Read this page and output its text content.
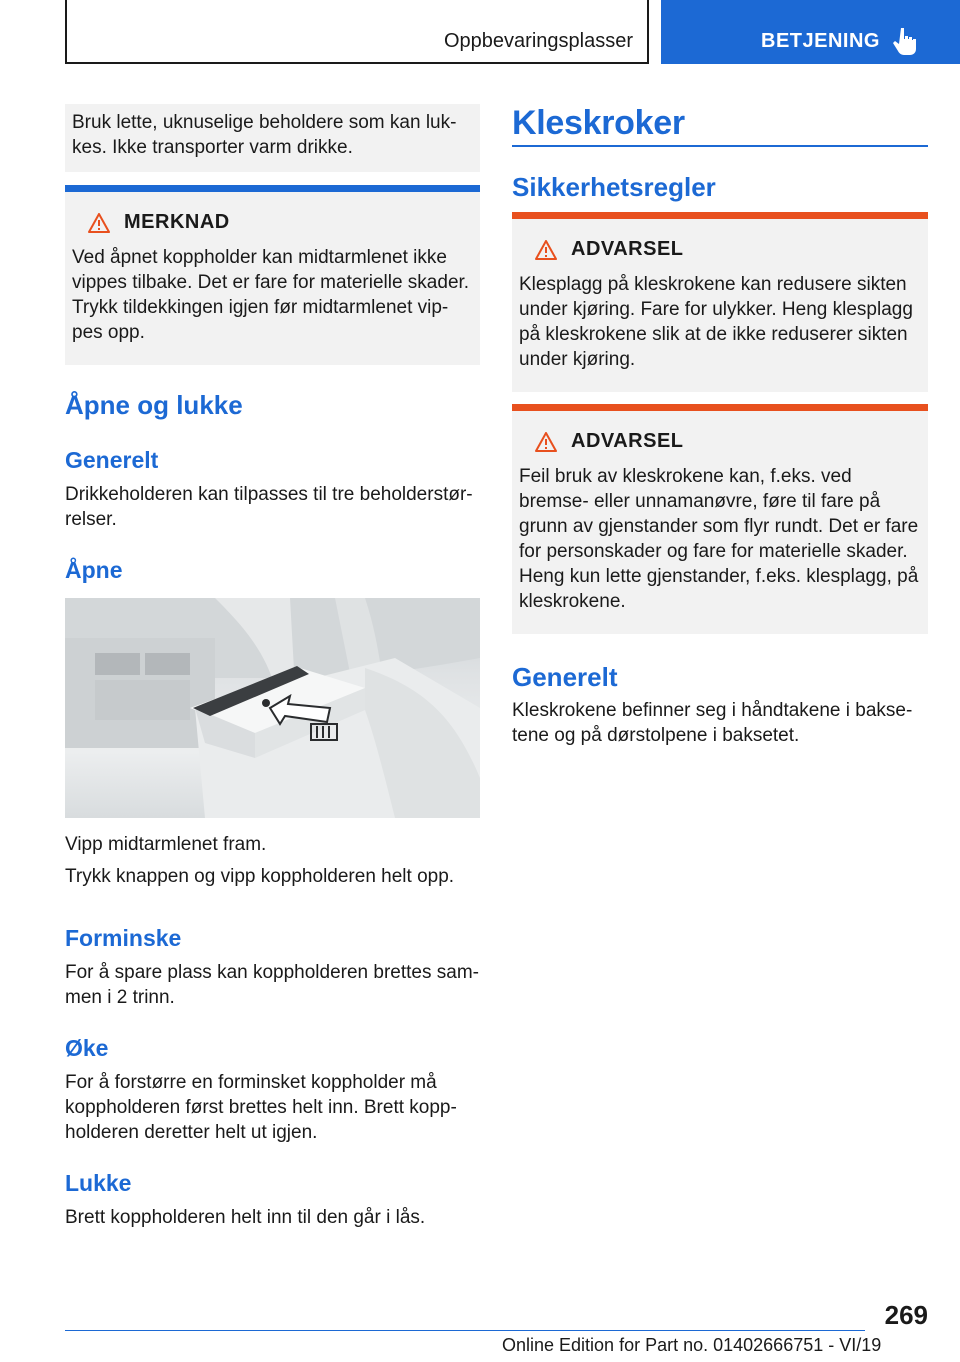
Oppbevaringsplasser	BETJENING
Bruk lette, uknuselige beholdere som kan luk-
kes. Ikke transporter varm drikke.
MERKNAD
Ved åpnet koppholder kan midtarmlenet ikke
vippes tilbake. Det er fare for materielle skader.
Trykk tildekkingen igjen før midtarmlenet vip-
pes opp.
Åpne og lukke
Generelt
Drikkeholderen kan tilpasses til tre beholderstør-
relser.
Åpne
Vipp midtarmlenet fram.
Trykk knappen og vipp koppholderen helt opp.
Forminske
For å spare plass kan koppholderen brettes sam-
men i 2 trinn.
Øke
For å forstørre en forminsket koppholder må
koppholderen først brettes helt inn. Brett kopp-
holderen deretter helt ut igjen.
Lukke
Brett koppholderen helt inn til den går i lås.
Kleskroker
Sikkerhetsregler
ADVARSEL
Klesplagg på kleskrokene kan redusere sikten
under kjøring. Fare for ulykker. Heng klesplagg
på kleskrokene slik at de ikke reduserer sikten
under kjøring.
ADVARSEL
Feil bruk av kleskrokene kan, f.eks. ved
bremse- eller unnamanøvre, føre til fare på
grunn av gjenstander som flyr rundt. Det er fare
for personskader og fare for materielle skader.
Heng kun lette gjenstander, f.eks. klesplagg, på
kleskrokene.
Generelt
Kleskrokene befinner seg i håndtakene i bakse-
tene og på dørstolpene i baksetet.
269
Online Edition for Part no. 01402666751 - VI/19
